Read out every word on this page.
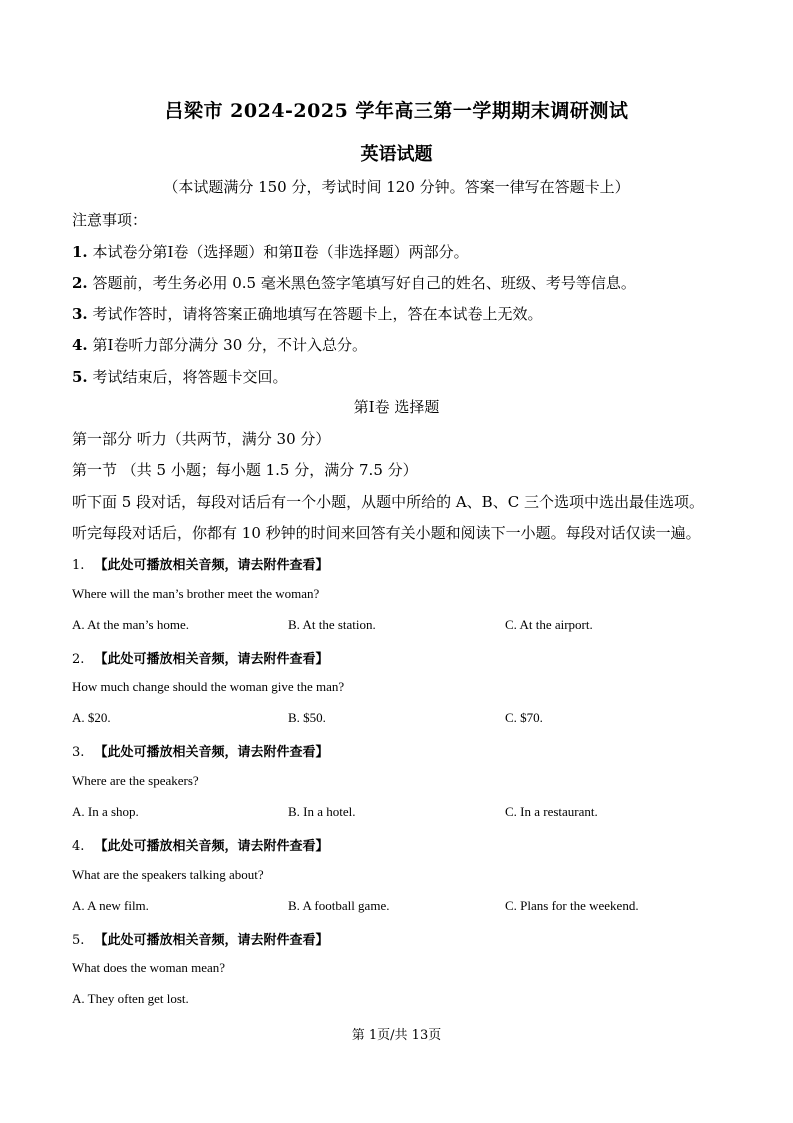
吕梁市 2024-2025 学年高三第一学期期末调研测试
英语试题
（本试题满分 150 分，考试时间 120 分钟。答案一律写在答题卡上）
注意事项：
1. 本试卷分第Ⅰ卷（选择题）和第Ⅱ卷（非选择题）两部分。
2. 答题前，考生务必用 0.5 毫米黑色签字笔填写好自己的姓名、班级、考号等信息。
3. 考试作答时，请将答案正确地填写在答题卡上，答在本试卷上无效。
4. 第Ⅰ卷听力部分满分 30 分，不计入总分。
5. 考试结束后，将答题卡交回。
第Ⅰ卷 选择题
第一部分 听力（共两节，满分 30 分）
第一节 （共 5 小题；每小题 1.5 分，满分 7.5 分）
听下面 5 段对话，每段对话后有一个小题，从题中所给的 A、B、C 三个选项中选出最佳选项。
听完每段对话后，你都有 10 秒钟的时间来回答有关小题和阅读下一小题。每段对话仅读一遍。
1. 【此处可播放相关音频，请去附件查看】
Where will the man’s brother meet the woman?
A. At the man’s home.	B. At the station.	C. At the airport.
2. 【此处可播放相关音频，请去附件查看】
How much change should the woman give the man?
A. $20.	B. $50.	C. $70.
3. 【此处可播放相关音频，请去附件查看】
Where are the speakers?
A. In a shop.	B. In a hotel.	C. In a restaurant.
4. 【此处可播放相关音频，请去附件查看】
What are the speakers talking about?
A. A new film.	B. A football game.	C. Plans for the weekend.
5. 【此处可播放相关音频，请去附件查看】
What does the woman mean?
A. They often get lost.
第 1页/共 13页
